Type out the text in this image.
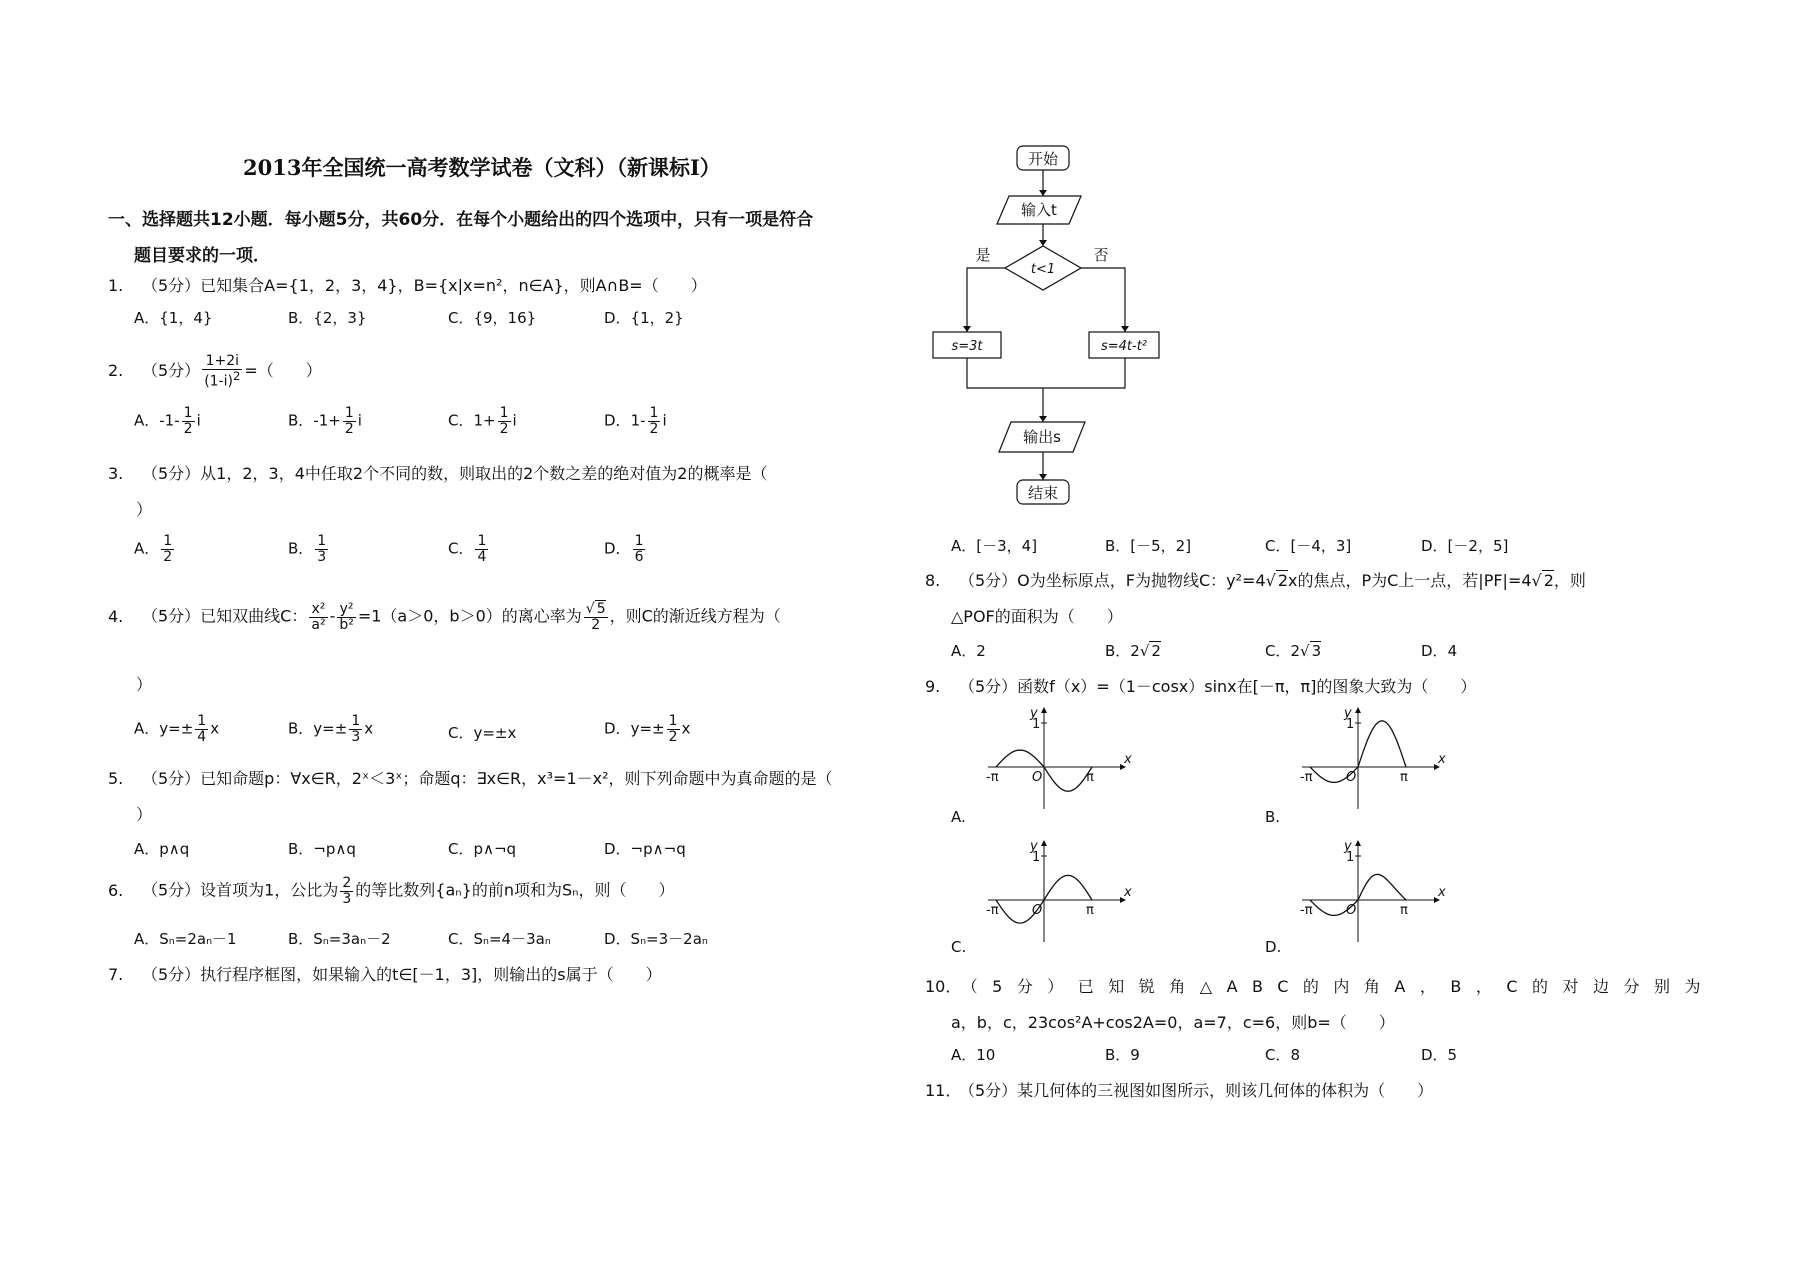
2013年全国统一高考数学试卷（文科）（新课标Ⅰ）
一、选择题共12小题．每小题5分，共60分．在每个小题给出的四个选项中，只有一项是符合
题目要求的一项．
1. （5分）已知集合A={1，2，3，4}，B={x|x=n²，n∈A}，则A∩B=（　　）
A．{1，4}	B．{2，3}	C．{9，16}	D．{1，2}
2. （5分） $\frac{1+2i}{(1-i)^2}$ =（　　）
A．$-1- \frac{1}{2}$ i	B．$-1+ \frac{1}{2}$ i	C．$1+ \frac{1}{2}$ i	D．$1- \frac{1}{2}$ i
3. （5分）从1，2，3，4中任取2个不同的数，则取出的2个数之差的绝对值为2的概率是（
）
A． $\frac{1}{2}$	B． $\frac{1}{3}$	C． $\frac{1}{4}$	D． $\frac{1}{6}$
4. （5分）已知双曲线C： $\frac{\text{x²}}{\text{a²}} - \frac{\text{y²}}{\text{b²}} =1(a>0$，b＞0）的离心率为 $\frac{√ 5}{2}$ ，则C的渐近线方程为（
）
A．$y=\pm \frac{1}{4}$ x	B．$y=\pm \frac{1}{3}$ x	C．y=±x	D．$y=\pm \frac{1}{2}$ x
5. （5分）已知命题p：∀x∈R，2ˣ＜3ˣ；命题q：∃x∈R，x³=1－x²，则下列命题中为真命题的是（
）
A．p∧q	B．¬p∧q	C．p∧¬q	D．¬p∧¬q
6. （5分）设首项为1，公比为 $\frac{2}{3}$ 的等比数列{aₙ}的前n项和为Sₙ，则（　　）
A．Sₙ=2aₙ－1	B．Sₙ=3aₙ－2	C．Sₙ=4－3aₙ	D．Sₙ=3－2aₙ
7. （5分）执行程序框图，如果输入的t∈[－1，3]，则输出的s属于（　　）
开始
输入t
t<1
是	否
s=3t	s=4t-t²
输出s
结束
A．[－3，4]	B．[－5，2]	C．[－4，3]	D．[－2，5]
8. （5分）O为坐标原点，F为抛物线C：y²=4√ 2x的焦点，P为C上一点，若|PF|=4√ 2，则
△POF的面积为（　　）
A．2	B．2√ 2	C．2√ 3	D．4
9. （5分）函数f（x）=（1－cosx）sinx在[－π，π]的图象大致为（　　）
A.	B.
C.	D.
10． （5分）已知锐角△ABC的内角A，B，C的对边分别为
a，b，c，23cos²A+cos2A=0，a=7，c=6，则b=（　　）
A．10	B．9	C．8	D．5
11．（5分）某几何体的三视图如图所示，则该几何体的体积为（　　）
y
x
1
-π	π
O
y
x
1
-π	π
O
y
x
1
-π	π
O
y
x
1
-π	π
O
